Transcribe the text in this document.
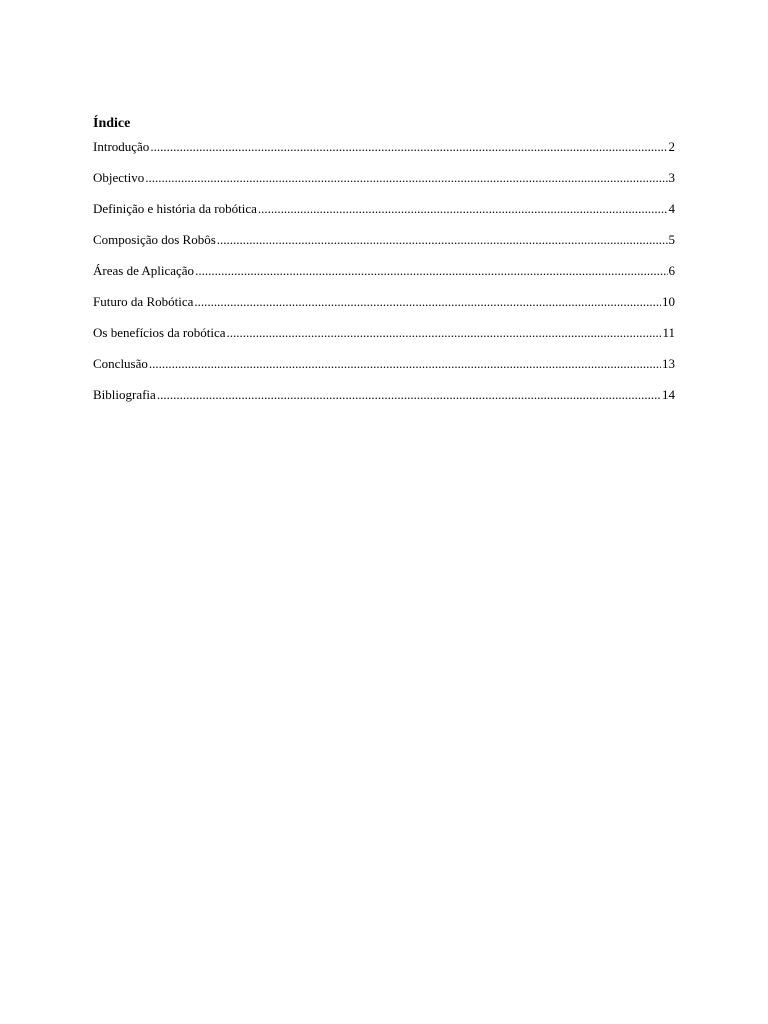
Índice
Introdução .....	2
Objectivo .....	3
Definição e história da robótica .....	4
Composição dos Robôs .....	5
Áreas de Aplicação .....	6
Futuro da Robótica .....	10
Os benefícios da robótica .....	11
Conclusão .....	13
Bibliografia .....	14
